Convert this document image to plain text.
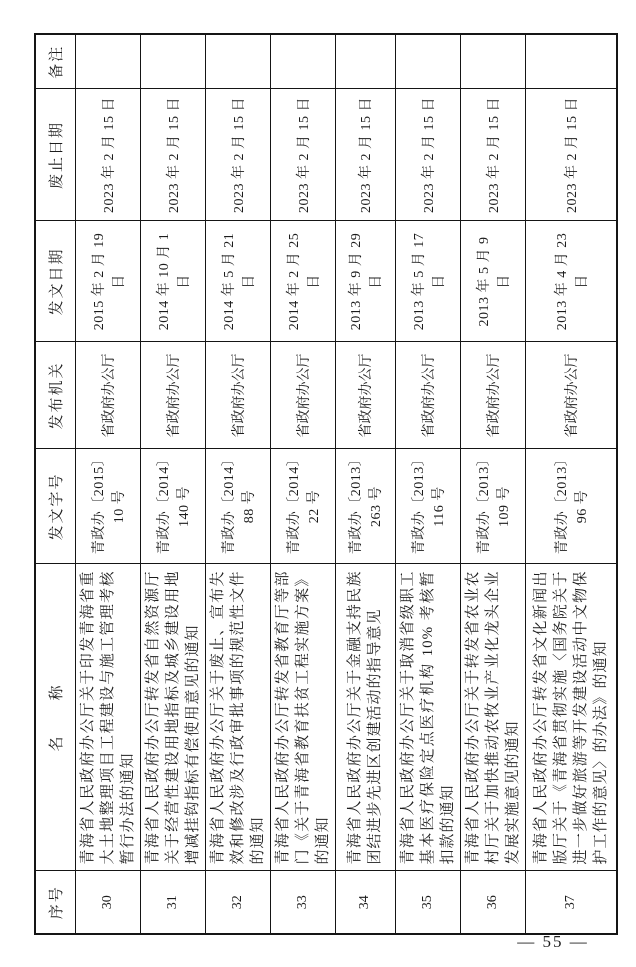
序号	名　　称	发文字号	发布机关	发文日期	废止日期	备注
30	青海省人民政府办公厅关于印发青海省重大土地整理项目工程建设与施工管理考核暂行办法的通知	青政办〔2015〕10 号	省政府办公厅	2015 年 2 月 19 日	2023 年 2 月 15 日	
31	青海省人民政府办公厅转发省自然资源厅关于经营性建设用地指标及城乡建设用地增减挂钩指标有偿使用意见的通知	青政办〔2014〕140 号	省政府办公厅	2014 年 10 月 1 日	2023 年 2 月 15 日	
32	青海省人民政府办公厅关于废止、宣布失效和修改涉及行政审批事项的规范性文件的通知	青政办〔2014〕88 号	省政府办公厅	2014 年 5 月 21 日	2023 年 2 月 15 日	
33	青海省人民政府办公厅转发省教育厅等部门《关于青海省教育扶贫工程实施方案》的通知	青政办〔2014〕22 号	省政府办公厅	2014 年 2 月 25 日	2023 年 2 月 15 日	
34	青海省人民政府办公厅关于金融支持民族团结进步先进区创建活动的指导意见	青政办〔2013〕263 号	省政府办公厅	2013 年 9 月 29 日	2023 年 2 月 15 日	
35	青海省人民政府办公厅关于取消省级职工基本医疗保险定点医疗机构 10% 考核暂扣款的通知	青政办〔2013〕116 号	省政府办公厅	2013 年 5 月 17 日	2023 年 2 月 15 日	
36	青海省人民政府办公厅关于转发省农业农村厅关于加快推动农牧业产业化龙头企业发展实施意见的通知	青政办〔2013〕109 号	省政府办公厅	2013 年 5 月 9 日	2023 年 2 月 15 日	
37	青海省人民政府办公厅转发省文化新闻出版厅关于《青海省贯彻实施〈国务院关于进一步做好旅游等开发建设活动中文物保护工作的意见〉的办法》的通知	青政办〔2013〕96 号	省政府办公厅	2013 年 4 月 23 日	2023 年 2 月 15 日	
— 55 —
